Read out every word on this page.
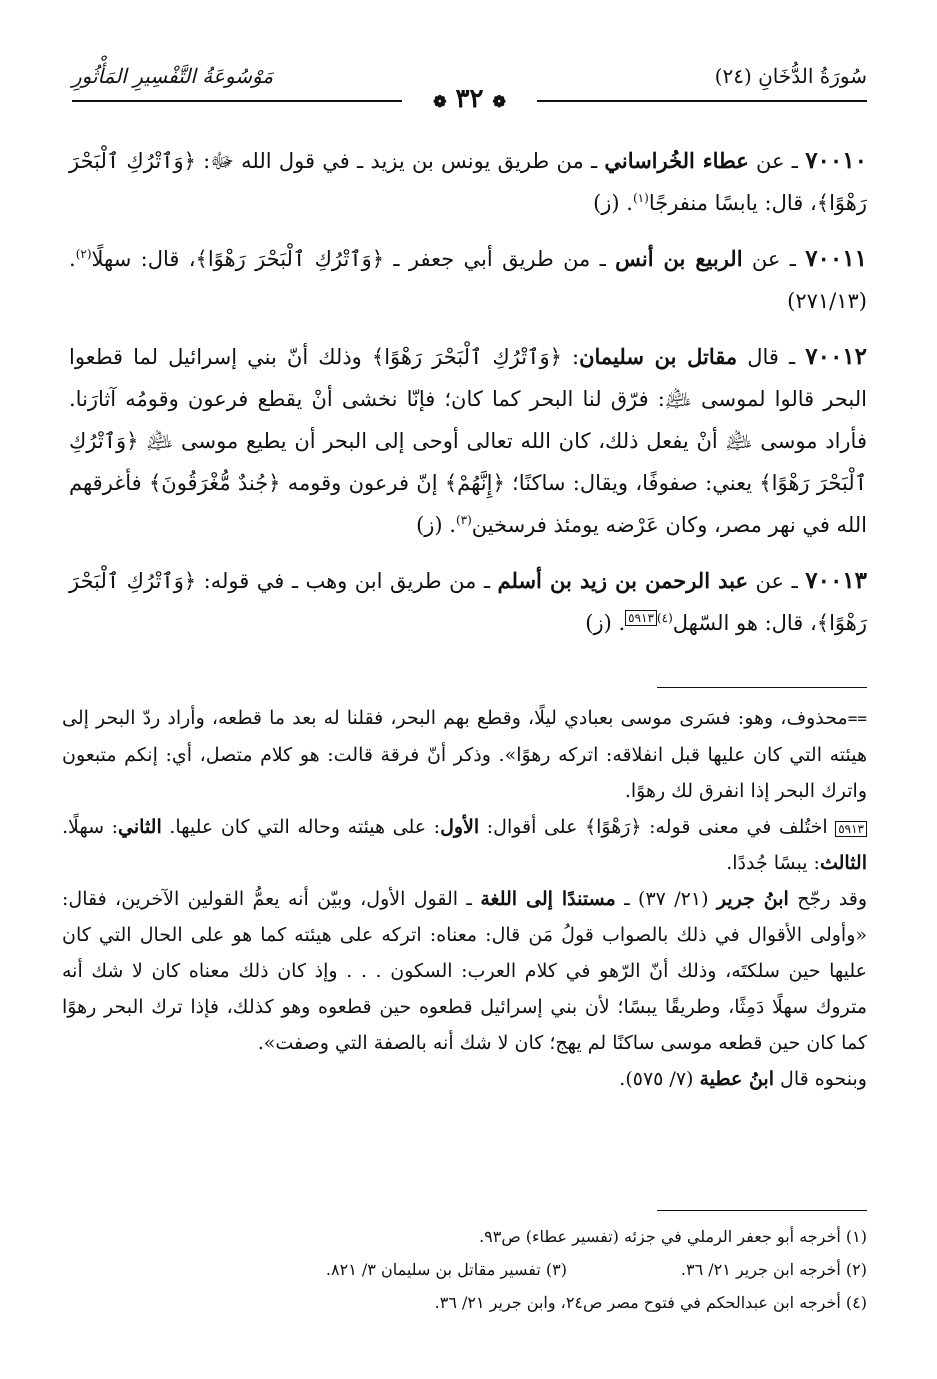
سُورَةُ الدُّخَانِ (٢٤)
مَوْسُوعَةُ التَّفْسِيرِ المَأْثُورِ
❁ ٣٢ ❁

٧٠٠١٠ ـ عن عطاء الخُراساني ـ من طريق يونس بن يزيد ـ في قول الله ﷻ: ﴿وَٱتْرُكِ ٱلْبَحْرَ رَهْوًا﴾، قال: يابسًا منفرجًا$^{(١)}$. (ز)

٧٠٠١١ ـ عن الربيع بن أنس ـ من طريق أبي جعفر ـ ﴿وَٱتْرُكِ ٱلْبَحْرَ رَهْوًا﴾، قال: سهلًا$^{(٢)}$. (٢٧١/١٣)

٧٠٠١٢ ـ قال مقاتل بن سليمان: ﴿وَٱتْرُكِ ٱلْبَحْرَ رَهْوًا﴾ وذلك أنّ بني إسرائيل لما قطعوا البحر قالوا لموسى ﵇: فرّق لنا البحر كما كان؛ فإنّا نخشى أنْ يقطع فرعون وقومُه آثارَنا. فأراد موسى ﵇ أنْ يفعل ذلك، كان الله تعالى أوحى إلى البحر أن يطيع موسى ﵇ ﴿وَٱتْرُكِ ٱلْبَحْرَ رَهْوًا﴾ يعني: صفوفًا، ويقال: ساكنًا؛ ﴿إِنَّهُمْ﴾ إنّ فرعون وقومه ﴿جُندٌ مُّغْرَقُونَ﴾ فأغرقهم الله في نهر مصر، وكان عَرْضه يومئذ فرسخين$^{(٣)}$. (ز)

٧٠٠١٣ ـ عن عبد الرحمن بن زيد بن أسلم ـ من طريق ابن وهب ـ في قوله: ﴿وَٱتْرُكِ ٱلْبَحْرَ رَهْوًا﴾، قال: هو السّهل$^{(٤)٥٩١٣}$. (ز)

==محذوف، وهو: فسَرى موسى بعبادي ليلًا، وقطع بهم البحر، فقلنا له بعد ما قطعه، وأراد ردّ البحر إلى هيئته التي كان عليها قبل انفلاقه: اتركه رهوًا». وذكر أنّ فرقة قالت: هو كلام متصل، أي: إنكم متبعون واترك البحر إذا انفرق لك رهوًا.

٥٩١٣ اختُلف في معنى قوله: ﴿رَهْوًا﴾ على أقوال: الأول: على هيئته وحاله التي كان عليها. الثاني: سهلًا. الثالث: يبسًا جُددًا.

وقد رجّح ابنُ جرير (٢١/ ٣٧) ـ مستندًا إلى اللغة ـ القول الأول، وبيّن أنه يعمُّ القولين الآخرين، فقال: «وأولى الأقوال في ذلك بالصواب قولُ مَن قال: معناه: اتركه على هيئته كما هو على الحال التي كان عليها حين سلكتَه، وذلك أنّ الرّهو في كلام العرب: السكون . . . وإذ كان ذلك معناه كان لا شك أنه متروك سهلًا دَمِثًا، وطريقًا يبسًا؛ لأن بني إسرائيل قطعوه حين قطعوه وهو كذلك، فإذا ترك البحر رهوًا كما كان حين قطعه موسى ساكنًا لم يهج؛ كان لا شك أنه بالصفة التي وصفت».

وبنحوه قال ابنُ عطية (٧/ ٥٧٥).

(١) أخرجه أبو جعفر الرملي في جزئه (تفسير عطاء) ص٩٣.

(٢) أخرجه ابن جرير ٢١/ ٣٦.
(٣) تفسير مقاتل بن سليمان ٣/ ٨٢١.

(٤) أخرجه ابن عبدالحكم في فتوح مصر ص٢٤، وابن جرير ٢١/ ٣٦.
